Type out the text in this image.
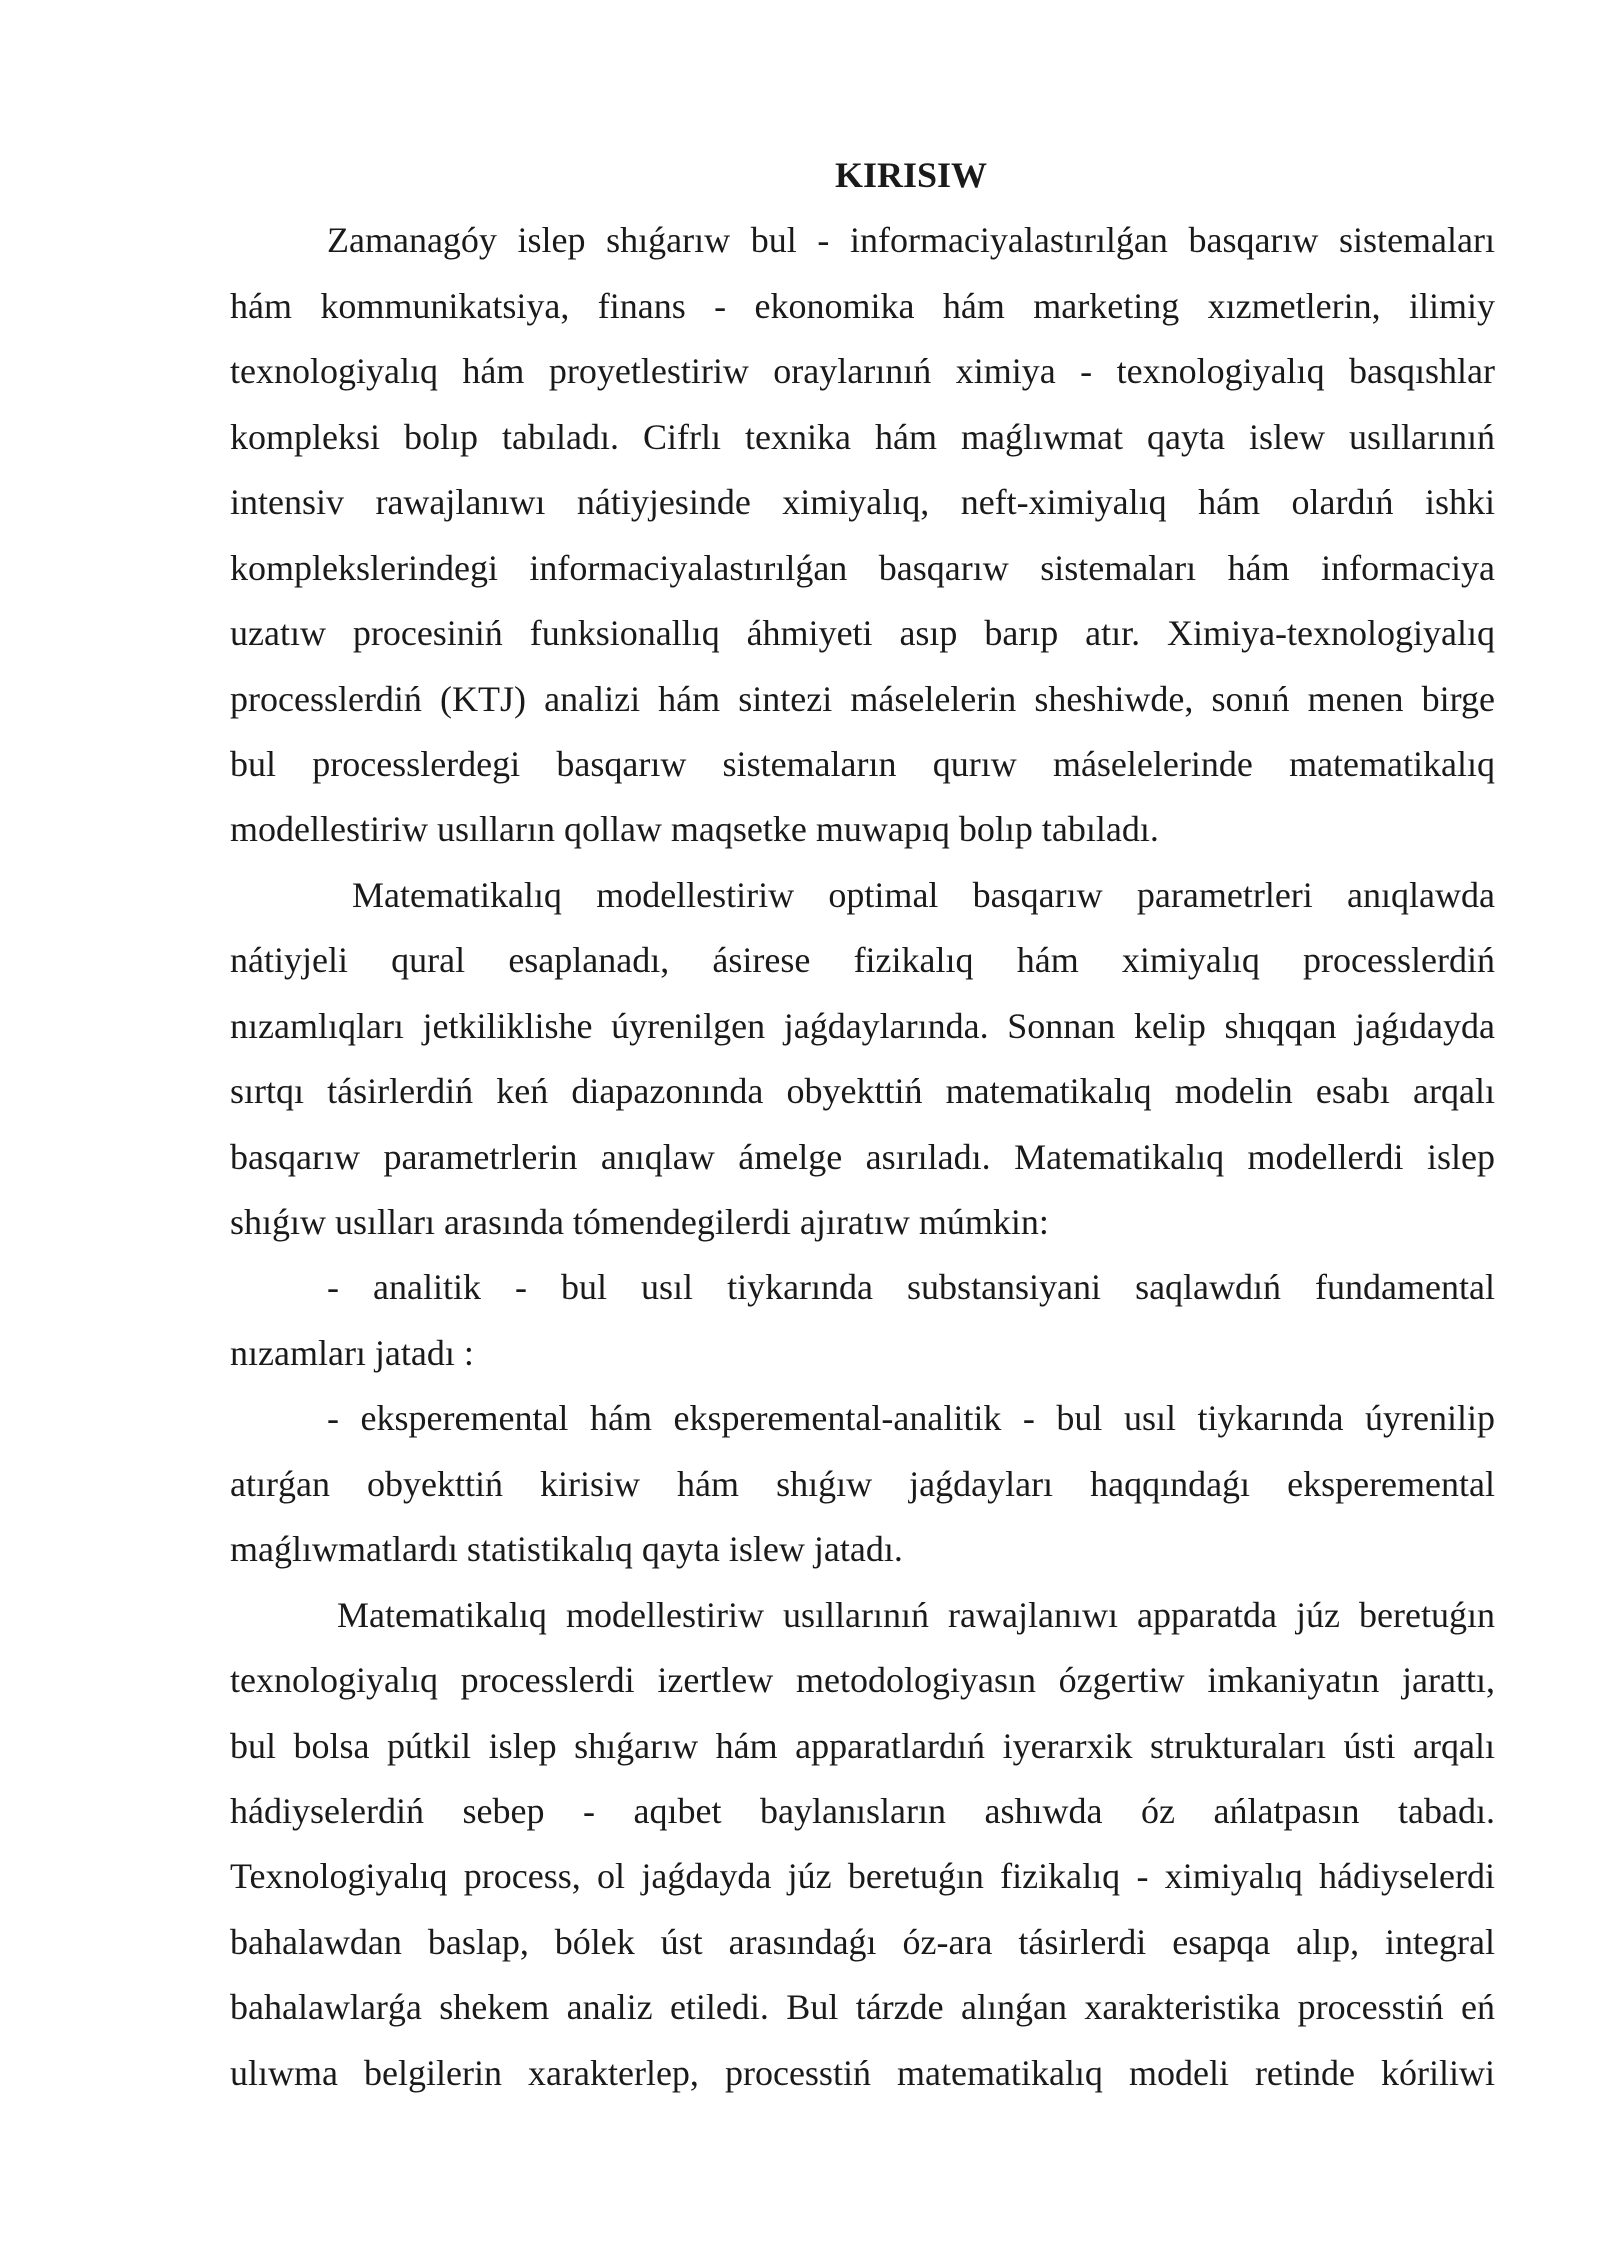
KIRISIW
Zamanagóy islep shıǵarıw bul - informaciyalastırılǵan basqarıw sistemaları
hám kommunikatsiya, finans - ekonomika hám marketing xızmetlerin, ilimiy
texnologiyalıq hám proyetlestiriw oraylarınıń ximiya - texnologiyalıq basqıshlar
kompleksi bolıp tabıladı. Cifrlı texnika hám maǵlıwmat qayta islew usıllarınıń
intensiv rawajlanıwı nátiyjesinde ximiyalıq, neft-ximiyalıq hám olardıń ishki
komplekslerindegi informaciyalastırılǵan basqarıw sistemaları hám informaciya
uzatıw procesiniń funksionallıq áhmiyeti asıp barıp atır. Ximiya-texnologiyalıq
processlerdiń (KTJ) analizi hám sintezi máselelerin sheshiwde, sonıń menen birge
bul processlerdegi basqarıw sistemaların qurıw máselelerinde matematikalıq
modellestiriw usılların qollaw maqsetke muwapıq bolıp tabıladı.
Matematikalıq modellestiriw optimal basqarıw parametrleri anıqlawda
nátiyjeli qural esaplanadı, ásirese fizikalıq hám ximiyalıq processlerdiń
nızamlıqları jetkiliklishe úyrenilgen jaǵdaylarında. Sonnan kelip shıqqan jaǵıdayda
sırtqı tásirlerdiń keń diapazonında obyekttiń matematikalıq modelin esabı arqalı
basqarıw parametrlerin anıqlaw ámelge asırıladı. Matematikalıq modellerdi islep
shıǵıw usılları arasında tómendegilerdi ajıratıw múmkin:
- analitik - bul usıl tiykarında substansiyani saqlawdıń fundamental
nızamları jatadı :
- eksperemental hám eksperemental-analitik - bul usıl tiykarında úyrenilip
atırǵan obyekttiń kirisiw hám shıǵıw jaǵdayları haqqındaǵı eksperemental
maǵlıwmatlardı statistikalıq qayta islew jatadı.
Matematikalıq modellestiriw usıllarınıń rawajlanıwı apparatda júz beretuǵın
texnologiyalıq processlerdi izertlew metodologiyasın ózgertiw imkaniyatın jarattı,
bul bolsa pútkil islep shıǵarıw hám apparatlardıń iyerarxik strukturaları ústi arqalı
hádiyselerdiń sebep - aqıbet baylanısların ashıwda óz ańlatpasın tabadı.
Texnologiyalıq process, ol jaǵdayda júz beretuǵın fizikalıq - ximiyalıq hádiyselerdi
bahalawdan baslap, bólek úst arasındaǵı óz-ara tásirlerdi esapqa alıp, integral
bahalawlarǵa shekem analiz etiledi. Bul tárzde alınǵan xarakteristika processtiń eń
ulıwma belgilerin xarakterlep, processtiń matematikalıq modeli retinde kóriliwi
